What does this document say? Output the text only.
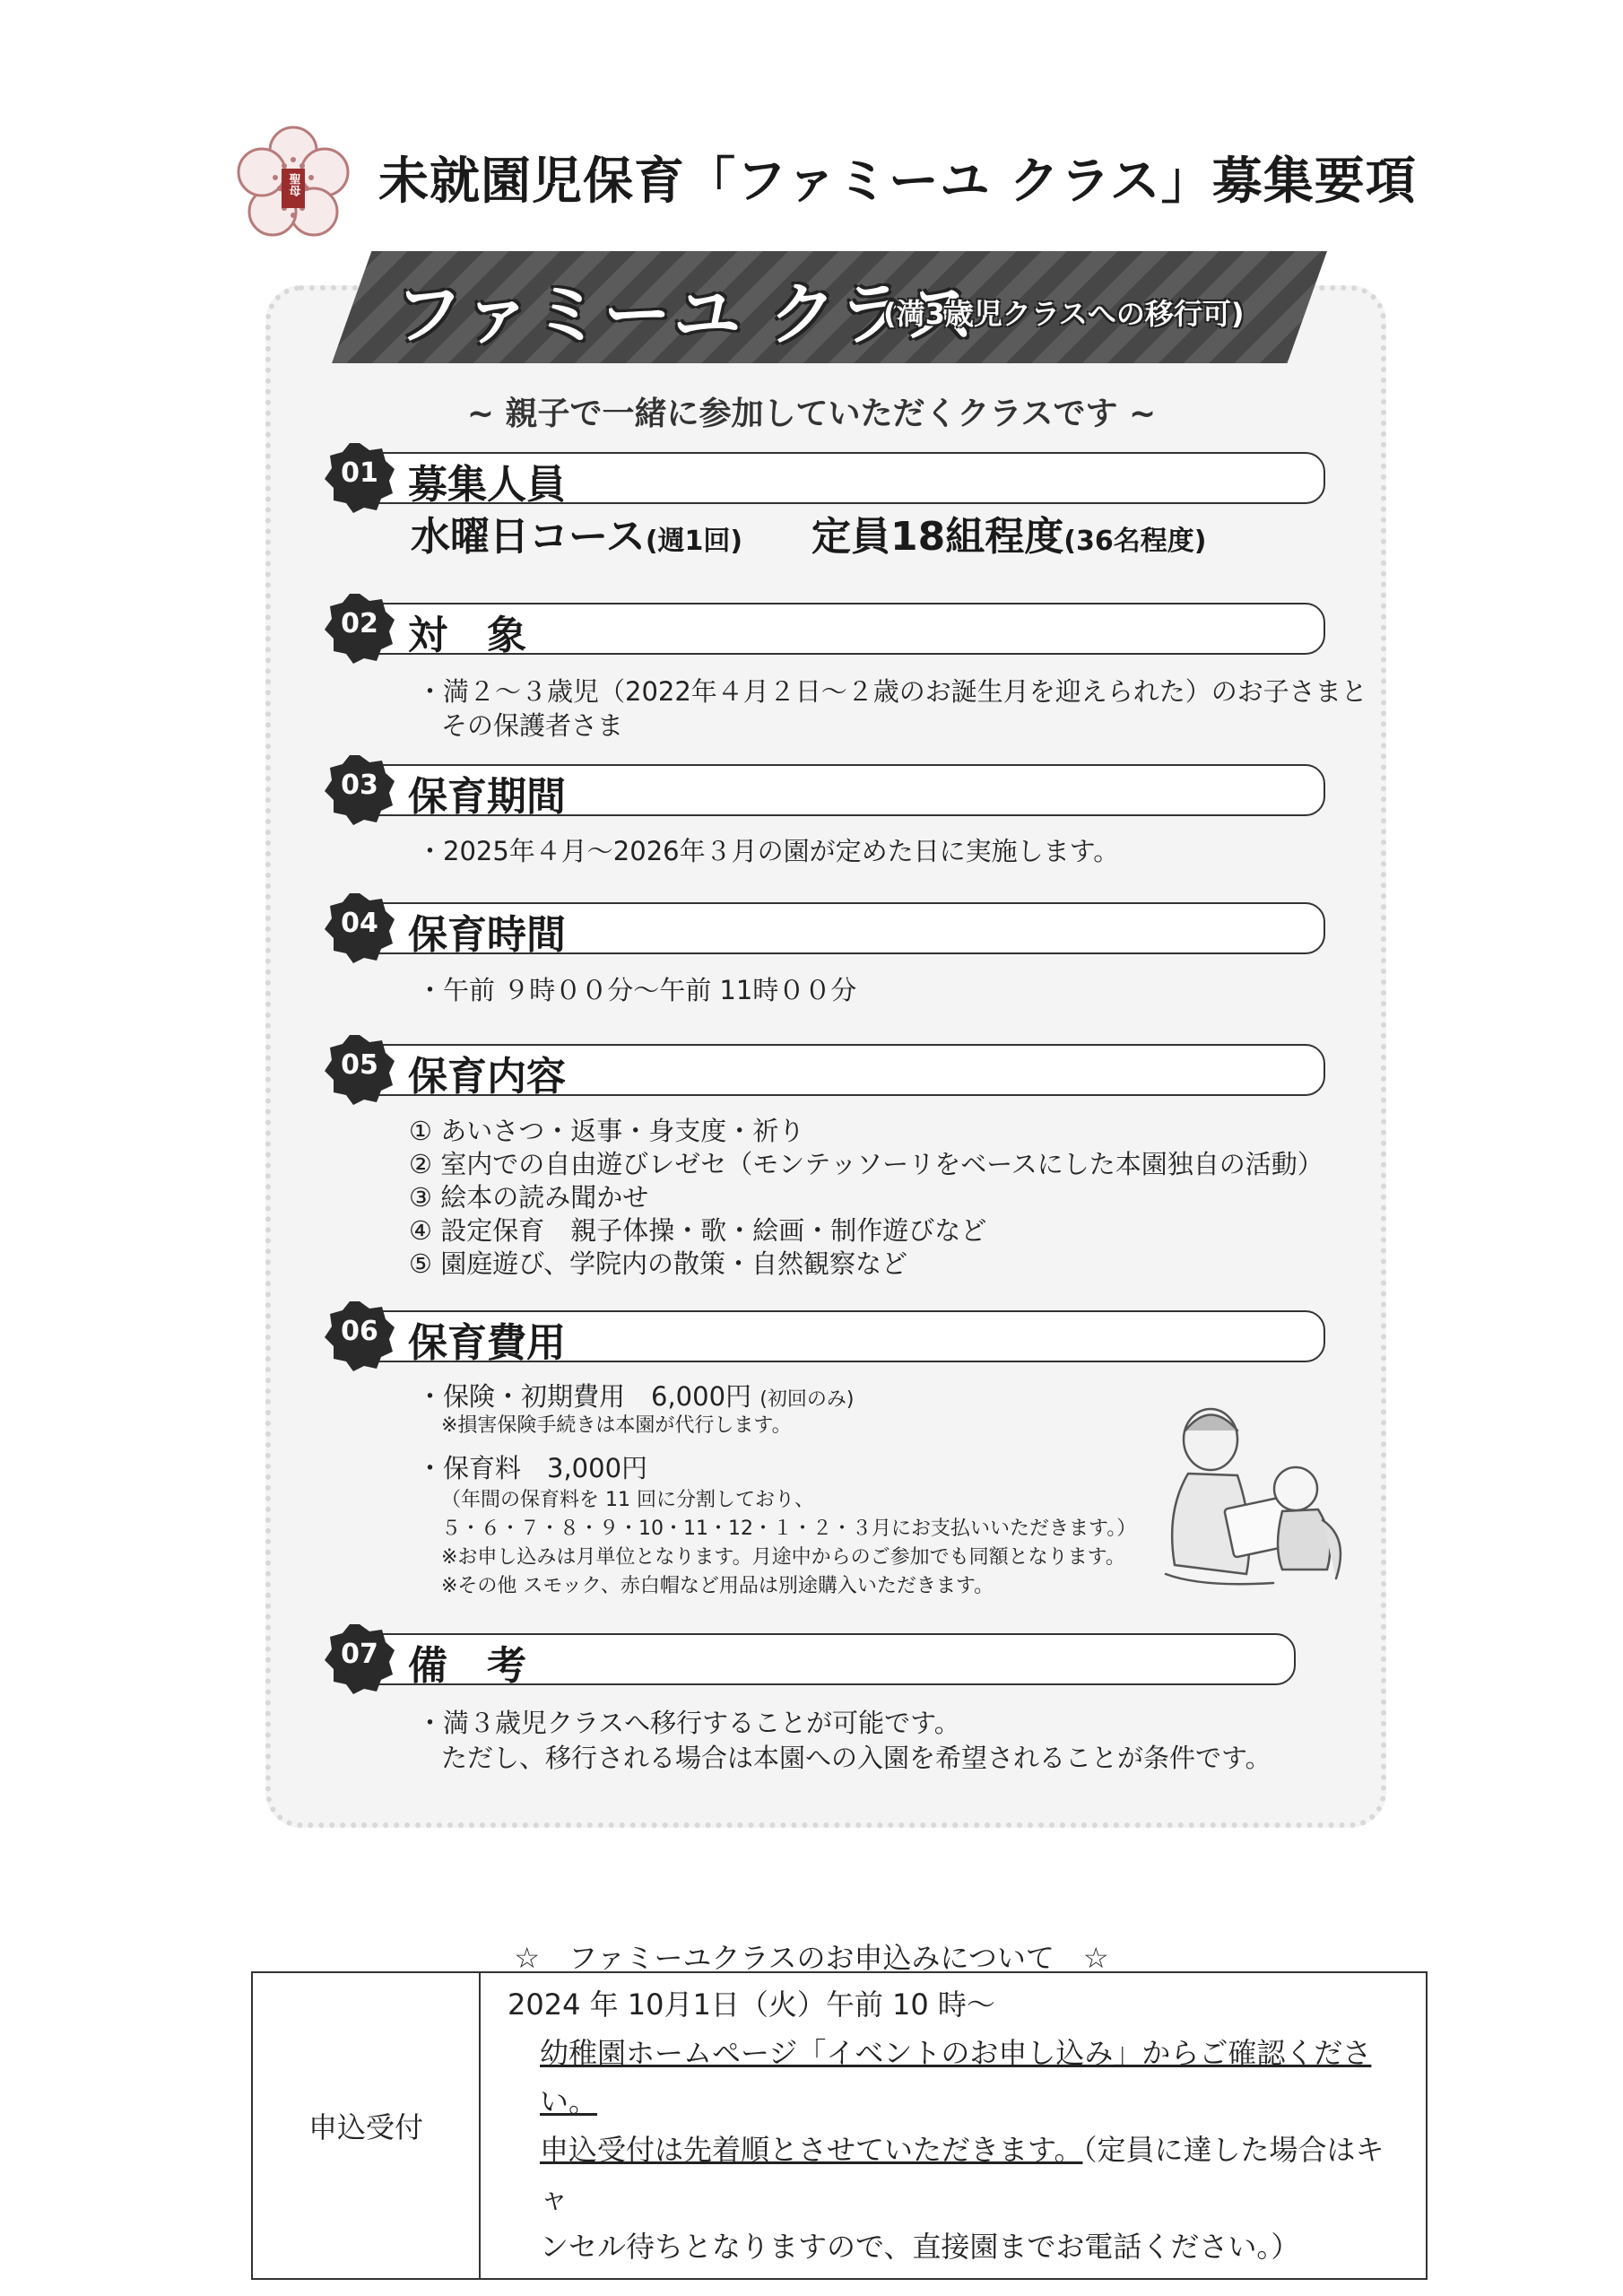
聖母 未就園児保育「ファミーユ クラス」募集要項
ファミーユ クラス
(満3歳児クラスへの移行可)
~ 親子で一緒に参加していただくクラスです ~
01 募集人員
水曜日コース(週1回) 定員18組程度(36名程度)
02 対　象
・満２～３歳児（2022年４月２日～２歳のお誕生月を迎えられた）のお子さまと
その保護者さま
03 保育期間
・2025年４月～2026年３月の園が定めた日に実施します。
04 保育時間
・午前 ９時００分～午前 11時００分
05 保育内容
① あいさつ・返事・身支度・祈り
② 室内での自由遊びレゼセ（モンテッソーリをベースにした本園独自の活動）
③ 絵本の読み聞かせ
④ 設定保育　親子体操・歌・絵画・制作遊びなど
⑤ 園庭遊び、学院内の散策・自然観察など
06 保育費用
・保険・初期費用　6,000円 (初回のみ)
※損害保険手続きは本園が代行します。
・保育料　3,000円
（年間の保育料を 11 回に分割しており、
５・６・７・８・９・10・11・12・１・２・３月にお支払いいただきます。）
※お申し込みは月単位となります。月途中からのご参加でも同額となります。
※その他 スモック、赤白帽など用品は別途購入いただきます。
07 備　考
・満３歳児クラスへ移行することが可能です。
ただし、移行される場合は本園への入園を希望されることが条件です。
☆　ファミーユクラスのお申込みについて　☆
申込受付	
2024 年 10月1日（火）午前 10 時～
幼稚園ホームページ「イベントのお申し込み」からご確認ください。
申込受付は先着順とさせていただきます。（定員に達した場合はキャ
ンセル待ちとなりますので、直接園までお電話ください。）
